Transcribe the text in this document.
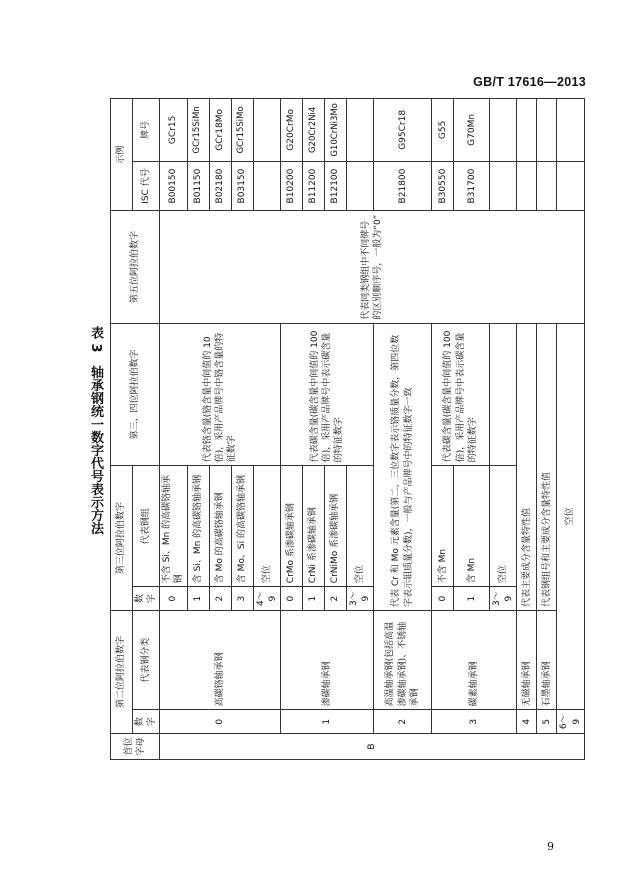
GB/T 17616—2013
表 3　轴承钢统一数字代号表示方法
首位字母	第二位阿拉伯数字		第三位阿拉伯数字		第三、四位阿拉伯数字	第五位阿拉伯数字	示例	
	数字	代表钢分类	数字	代表钢组			ISC 代号	牌号
B	0	高碳铬轴承钢	0	不含 Si、Mn 的高碳铬轴承钢	代表铬含量(铬含量中间值的 10倍)，采用产品牌号中铬含量的特征数字	代表同类钢组中不同牌号的区别顺序号，一般为“0”	B00150	GCr15
			1	含 Si、Mn 的高碳铬轴承钢			B01150	GCr15SiMn
			2	含 Mo 的高碳铬轴承钢			B02180	GCr18Mo
			3	含 Mo、Si 的高碳铬轴承钢			B03150	GCr15SiMo
			4～9	空位				
	1	渗碳轴承钢	0	CrMo 系渗碳轴承钢	代表碳含量(碳含量中间值的 100倍)，采用产品牌号中表示碳含量的特征数字		B10200	G20CrMo
			1	CrNi 系渗碳轴承钢			B11200	G20Cr2Ni4
			2	CrNiMo 系渗碳轴承钢			B12100	G10CrNi3Mo
			3～9	空位				
	2	高温轴承钢(包括高温渗碳轴承钢)、不锈轴承钢	代表 Cr 和 Mo 元素含量(第二、三位数字表示铬质量分数，第四位数字表示钼质量分数)，一般与产品牌号中的特征数字一致				B21800	G95Cr18
	3	碳素轴承钢	0	不含 Mn	代表碳含量(碳含量中间值的 100倍)，采用产品牌号中表示碳含量的特征数字		B30550	G55
			1	含 Mn			B31700	G70Mn
			3～9	空位				
	4	无磁轴承钢	代表主要成分含量特性值					
	5	石墨轴承钢	代表钢组号和主要成分含量特性值					
	6～9	空位						
9
